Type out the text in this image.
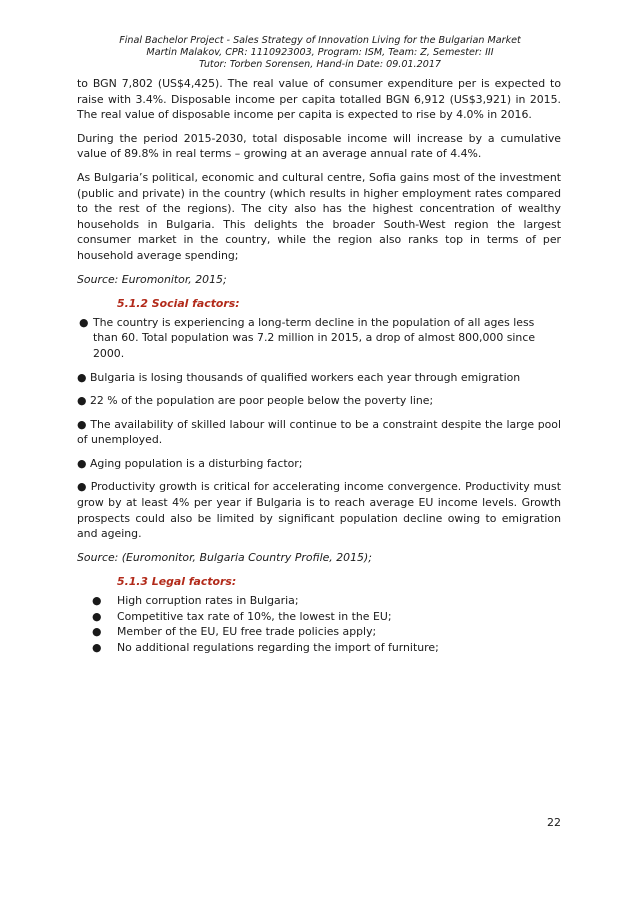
Final Bachelor Project - Sales Strategy of Innovation Living for the Bulgarian Market
Martin Malakov, CPR: 1110923003, Program: ISM, Team: Z, Semester: III
Tutor: Torben Sorensen, Hand-in Date: 09.01.2017

to BGN 7,802 (US$4,425). The real value of consumer expenditure per is expected to raise with 3.4%. Disposable income per capita totalled BGN 6,912 (US$3,921) in 2015. The real value of disposable income per capita is expected to rise by 4.0% in 2016.

During the period 2015-2030, total disposable income will increase by a cumulative value of 89.8% in real terms – growing at an average annual rate of 4.4%.

As Bulgaria’s political, economic and cultural centre, Sofia gains most of the investment (public and private) in the country (which results in higher employment rates compared to the rest of the regions). The city also has the highest concentration of wealthy households in Bulgaria. This delights the broader South-West region the largest consumer market in the country, while the region also ranks top in terms of per household average spending;

Source: Euromonitor, 2015;

5.1.2 Social factors:

● The country is experiencing a long-term decline in the population of all ages less than 60. Total population was 7.2 million in 2015, a drop of almost 800,000 since 2000.

● Bulgaria is losing thousands of qualified workers each year through emigration

● 22 % of the population are poor people below the poverty line;

● The availability of skilled labour will continue to be a constraint despite the large pool of unemployed.

● Aging population is a disturbing factor;

● Productivity growth is critical for accelerating income convergence. Productivity must grow by at least 4% per year if Bulgaria is to reach average EU income levels. Growth prospects could also be limited by significant population decline owing to emigration and ageing.

Source: (Euromonitor, Bulgaria Country Profile, 2015);

5.1.3 Legal factors:

●	High corruption rates in Bulgaria;
●	Competitive tax rate of 10%, the lowest in the EU;
●	Member of the EU, EU free trade policies apply;
●	No additional regulations regarding the import of furniture;
22
